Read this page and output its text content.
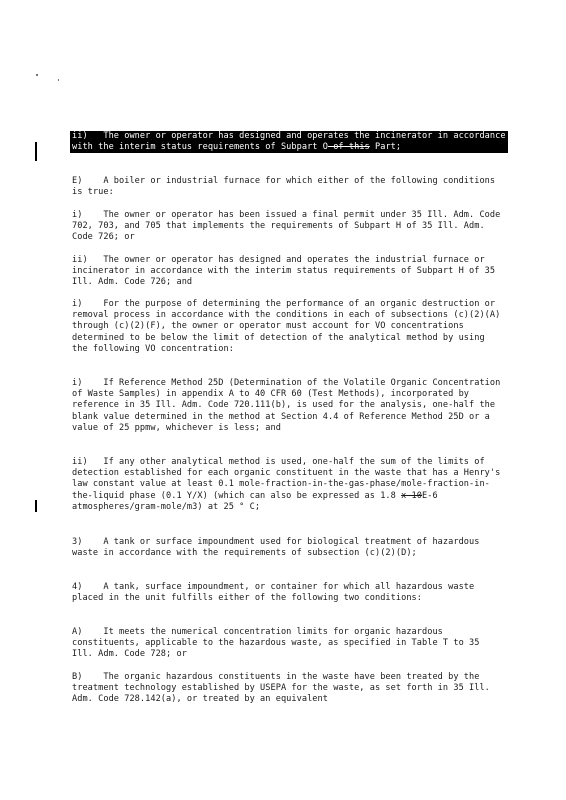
ii)   The owner or operator has designed and operates the incinerator in accordance with the interim status requirements of Subpart O of this Part;
E)    A boiler or industrial furnace for which either of the following conditions is true:
i)    The owner or operator has been issued a final permit under 35 Ill. Adm. Code 702, 703, and 705 that implements the requirements of Subpart H of 35 Ill. Adm. Code 726; or
ii)   The owner or operator has designed and operates the industrial furnace or incinerator in accordance with the interim status requirements of Subpart H of 35 Ill. Adm. Code 726; and
i)    For the purpose of determining the performance of an organic destruction or removal process in accordance with the conditions in each of subsections (c)(2)(A) through (c)(2)(F), the owner or operator must account for VO concentrations determined to be below the limit of detection of the analytical method by using the following VO concentration:
i)    If Reference Method 25D (Determination of the Volatile Organic Concentration of Waste Samples) in appendix A to 40 CFR 60 (Test Methods), incorporated by reference in 35 Ill. Adm. Code 720.111(b), is used for the analysis, one-half the blank value determined in the method at Section 4.4 of Reference Method 25D or a value of 25 ppmw, whichever is less; and
ii)   If any other analytical method is used, one-half the sum of the limits of detection established for each organic constituent in the waste that has a Henry's law constant value at least 0.1 mole-fraction-in-the-gas-phase/mole-fraction-in-the-liquid phase (0.1 Y/X) (which can also be expressed as 1.8 x 10E-6 atmospheres/gram-mole/m3) at 25 ° C;
3)    A tank or surface impoundment used for biological treatment of hazardous waste in accordance with the requirements of subsection (c)(2)(D);
4)    A tank, surface impoundment, or container for which all hazardous waste placed in the unit fulfills either of the following two conditions:
A)    It meets the numerical concentration limits for organic hazardous constituents, applicable to the hazardous waste, as specified in Table T to 35 Ill. Adm. Code 728; or
B)    The organic hazardous constituents in the waste have been treated by the treatment technology established by USEPA for the waste, as set forth in 35 Ill. Adm. Code 728.142(a), or treated by an equivalent
